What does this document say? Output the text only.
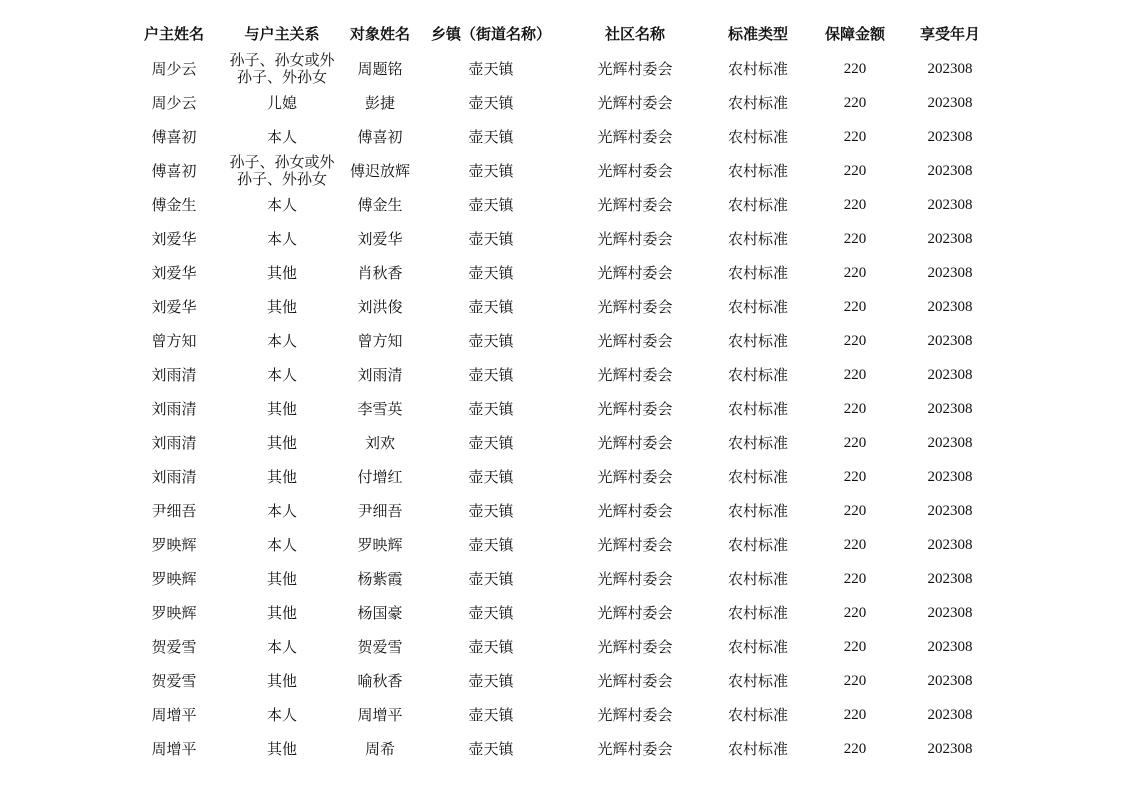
户主姓名	与户主关系	对象姓名	乡镇（街道名称）	社区名称	标准类型	保障金额	享受年月
周少云	孙子、孙女或外孙子、外孙女	周题铭	壶天镇	光辉村委会	农村标准	220	202308
周少云	儿媳	彭捷	壶天镇	光辉村委会	农村标准	220	202308
傅喜初	本人	傅喜初	壶天镇	光辉村委会	农村标准	220	202308
傅喜初	孙子、孙女或外孙子、外孙女	傅迟放辉	壶天镇	光辉村委会	农村标准	220	202308
傅金生	本人	傅金生	壶天镇	光辉村委会	农村标准	220	202308
刘爱华	本人	刘爱华	壶天镇	光辉村委会	农村标准	220	202308
刘爱华	其他	肖秋香	壶天镇	光辉村委会	农村标准	220	202308
刘爱华	其他	刘洪俊	壶天镇	光辉村委会	农村标准	220	202308
曾方知	本人	曾方知	壶天镇	光辉村委会	农村标准	220	202308
刘雨清	本人	刘雨清	壶天镇	光辉村委会	农村标准	220	202308
刘雨清	其他	李雪英	壶天镇	光辉村委会	农村标准	220	202308
刘雨清	其他	刘欢	壶天镇	光辉村委会	农村标准	220	202308
刘雨清	其他	付增红	壶天镇	光辉村委会	农村标准	220	202308
尹细吾	本人	尹细吾	壶天镇	光辉村委会	农村标准	220	202308
罗映辉	本人	罗映辉	壶天镇	光辉村委会	农村标准	220	202308
罗映辉	其他	杨紫霞	壶天镇	光辉村委会	农村标准	220	202308
罗映辉	其他	杨国豪	壶天镇	光辉村委会	农村标准	220	202308
贺爱雪	本人	贺爱雪	壶天镇	光辉村委会	农村标准	220	202308
贺爱雪	其他	喻秋香	壶天镇	光辉村委会	农村标准	220	202308
周增平	本人	周增平	壶天镇	光辉村委会	农村标准	220	202308
周增平	其他	周希	壶天镇	光辉村委会	农村标准	220	202308
